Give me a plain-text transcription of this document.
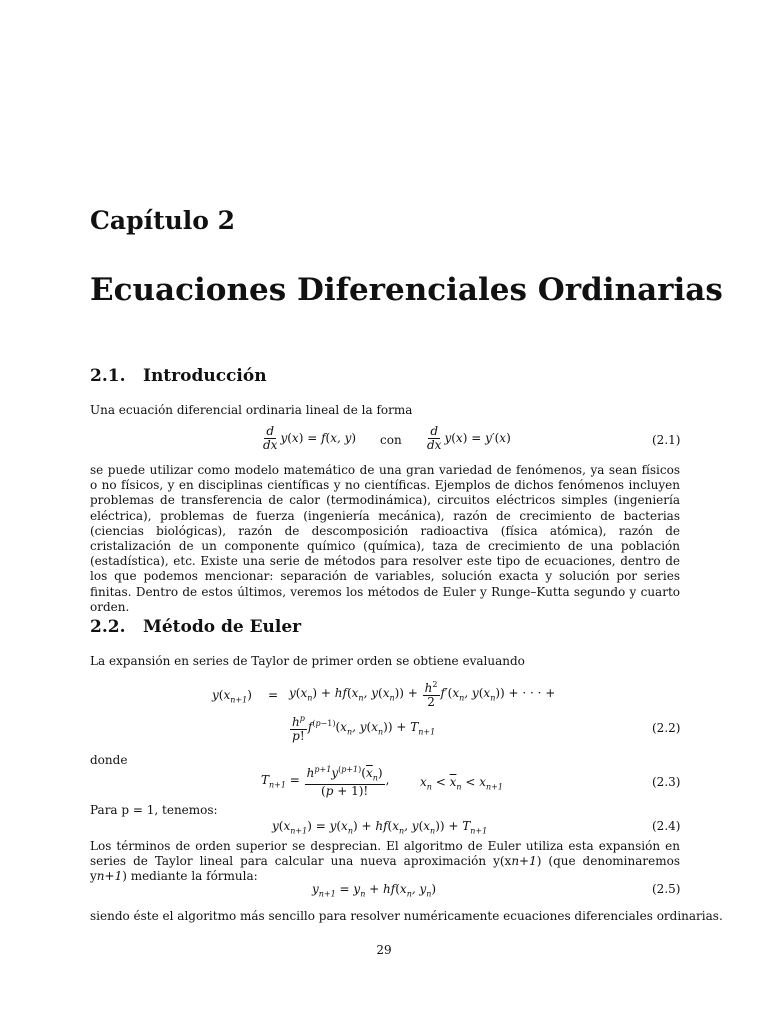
Capítulo 2
Ecuaciones Diferenciales Ordinarias
2.1. Introducción
Una ecuación diferencial ordinaria lineal de la forma
$\frac{d}{dx} y(x) = f(x$, y) con $\frac{d}{dx} y(x) = y'(x)$	(2.1)
se puede utilizar como modelo matemático de una gran variedad de fenómenos, ya sean físicos o no físicos, y en disciplinas científicas y no científicas. Ejemplos de dichos fenómenos incluyen problemas de transferencia de calor (termodinámica), circuitos eléctricos simples (ingeniería eléctrica), problemas de fuerza (ingeniería mecánica), razón de crecimiento de bacterias (ciencias biológicas), razón de descomposición radioactiva (física atómica), razón de cristalización de un componente químico (química), taza de crecimiento de una población (estadística), etc. Existe una serie de métodos para resolver este tipo de ecuaciones, dentro de los que podemos mencionar: separación de variables, solución exacta y solución por series finitas. Dentro de estos últimos, veremos los métodos de Euler y Runge–Kutta segundo y cuarto orden.
2.2. Método de Euler
La expansión en series de Taylor de primer orden se obtiene evaluando
$y(x_{n+1}) = y(x_n) + hf(x_n$, $y(x_n)) + \frac{h^2}{2} f'(x_n$, $y(x_n)$) + · · · +
$\frac{h^p}{p!} f^{(p-1)}(x_n$, $y(x_n)) + T_{n+1}$	(2.2)
donde
$T_{n+1} = \frac{h^{p+1}y^{(p+1)}(\overline{x}_n)}{(p + 1)!}$ ,	$x_n < \overline{x}_n < x_{n+1}$	(2.3)
Para p = 1, tenemos:
$y(x_{n+1}) = y(x_n) + hf(x_n$, $y(x_n)) + T_{n+1}$	(2.4)
Los términos de orden superior se desprecian. El algoritmo de Euler utiliza esta expansión en series de Taylor lineal para calcular una nueva aproximación y(xn+1) (que denominaremos yn+1) mediante la fórmula:
$y_{n+1} = y_n + hf(x_n$, $y_n$)	(2.5)
siendo éste el algoritmo más sencillo para resolver numéricamente ecuaciones diferenciales ordinarias.
29
